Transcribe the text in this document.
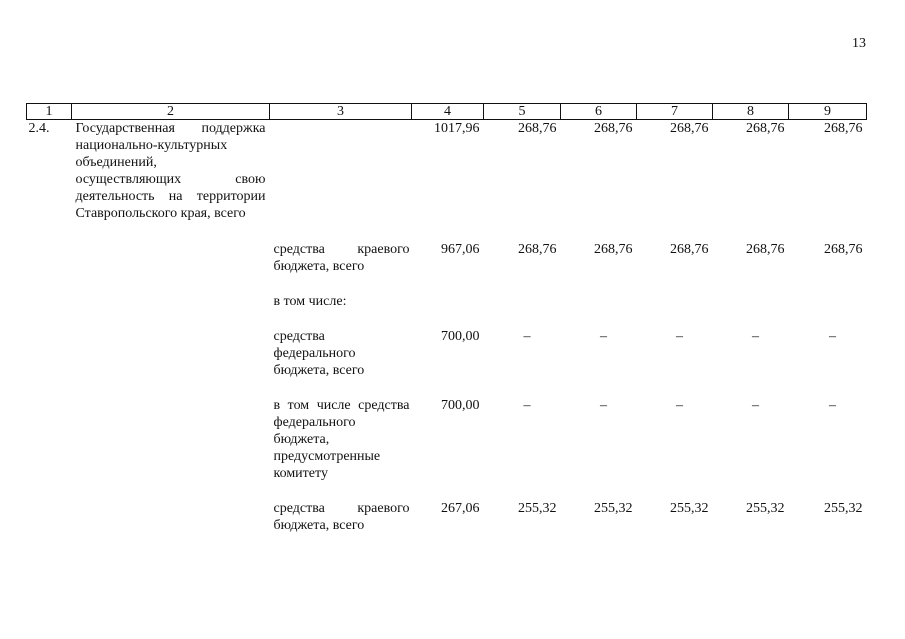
13
1	2	3	4	5	6	7	8	9
2.4.	Государственная поддержка национально-культурных объединений, осуществляющих свою деятельность на территории Ставропольского края, всего		1017,96	268,76	268,76	268,76	268,76	268,76

		средства краевого бюджета, всего	967,06	268,76	268,76	268,76	268,76	268,76

		в том числе:						

		средства федерального бюджета, всего	700,00	–	–	–	–	–

		в том числе средства федерального бюджета, предусмотренные комитету	700,00	–	–	–	–	–

		средства краевого бюджета, всего	267,06	255,32	255,32	255,32	255,32	255,32
